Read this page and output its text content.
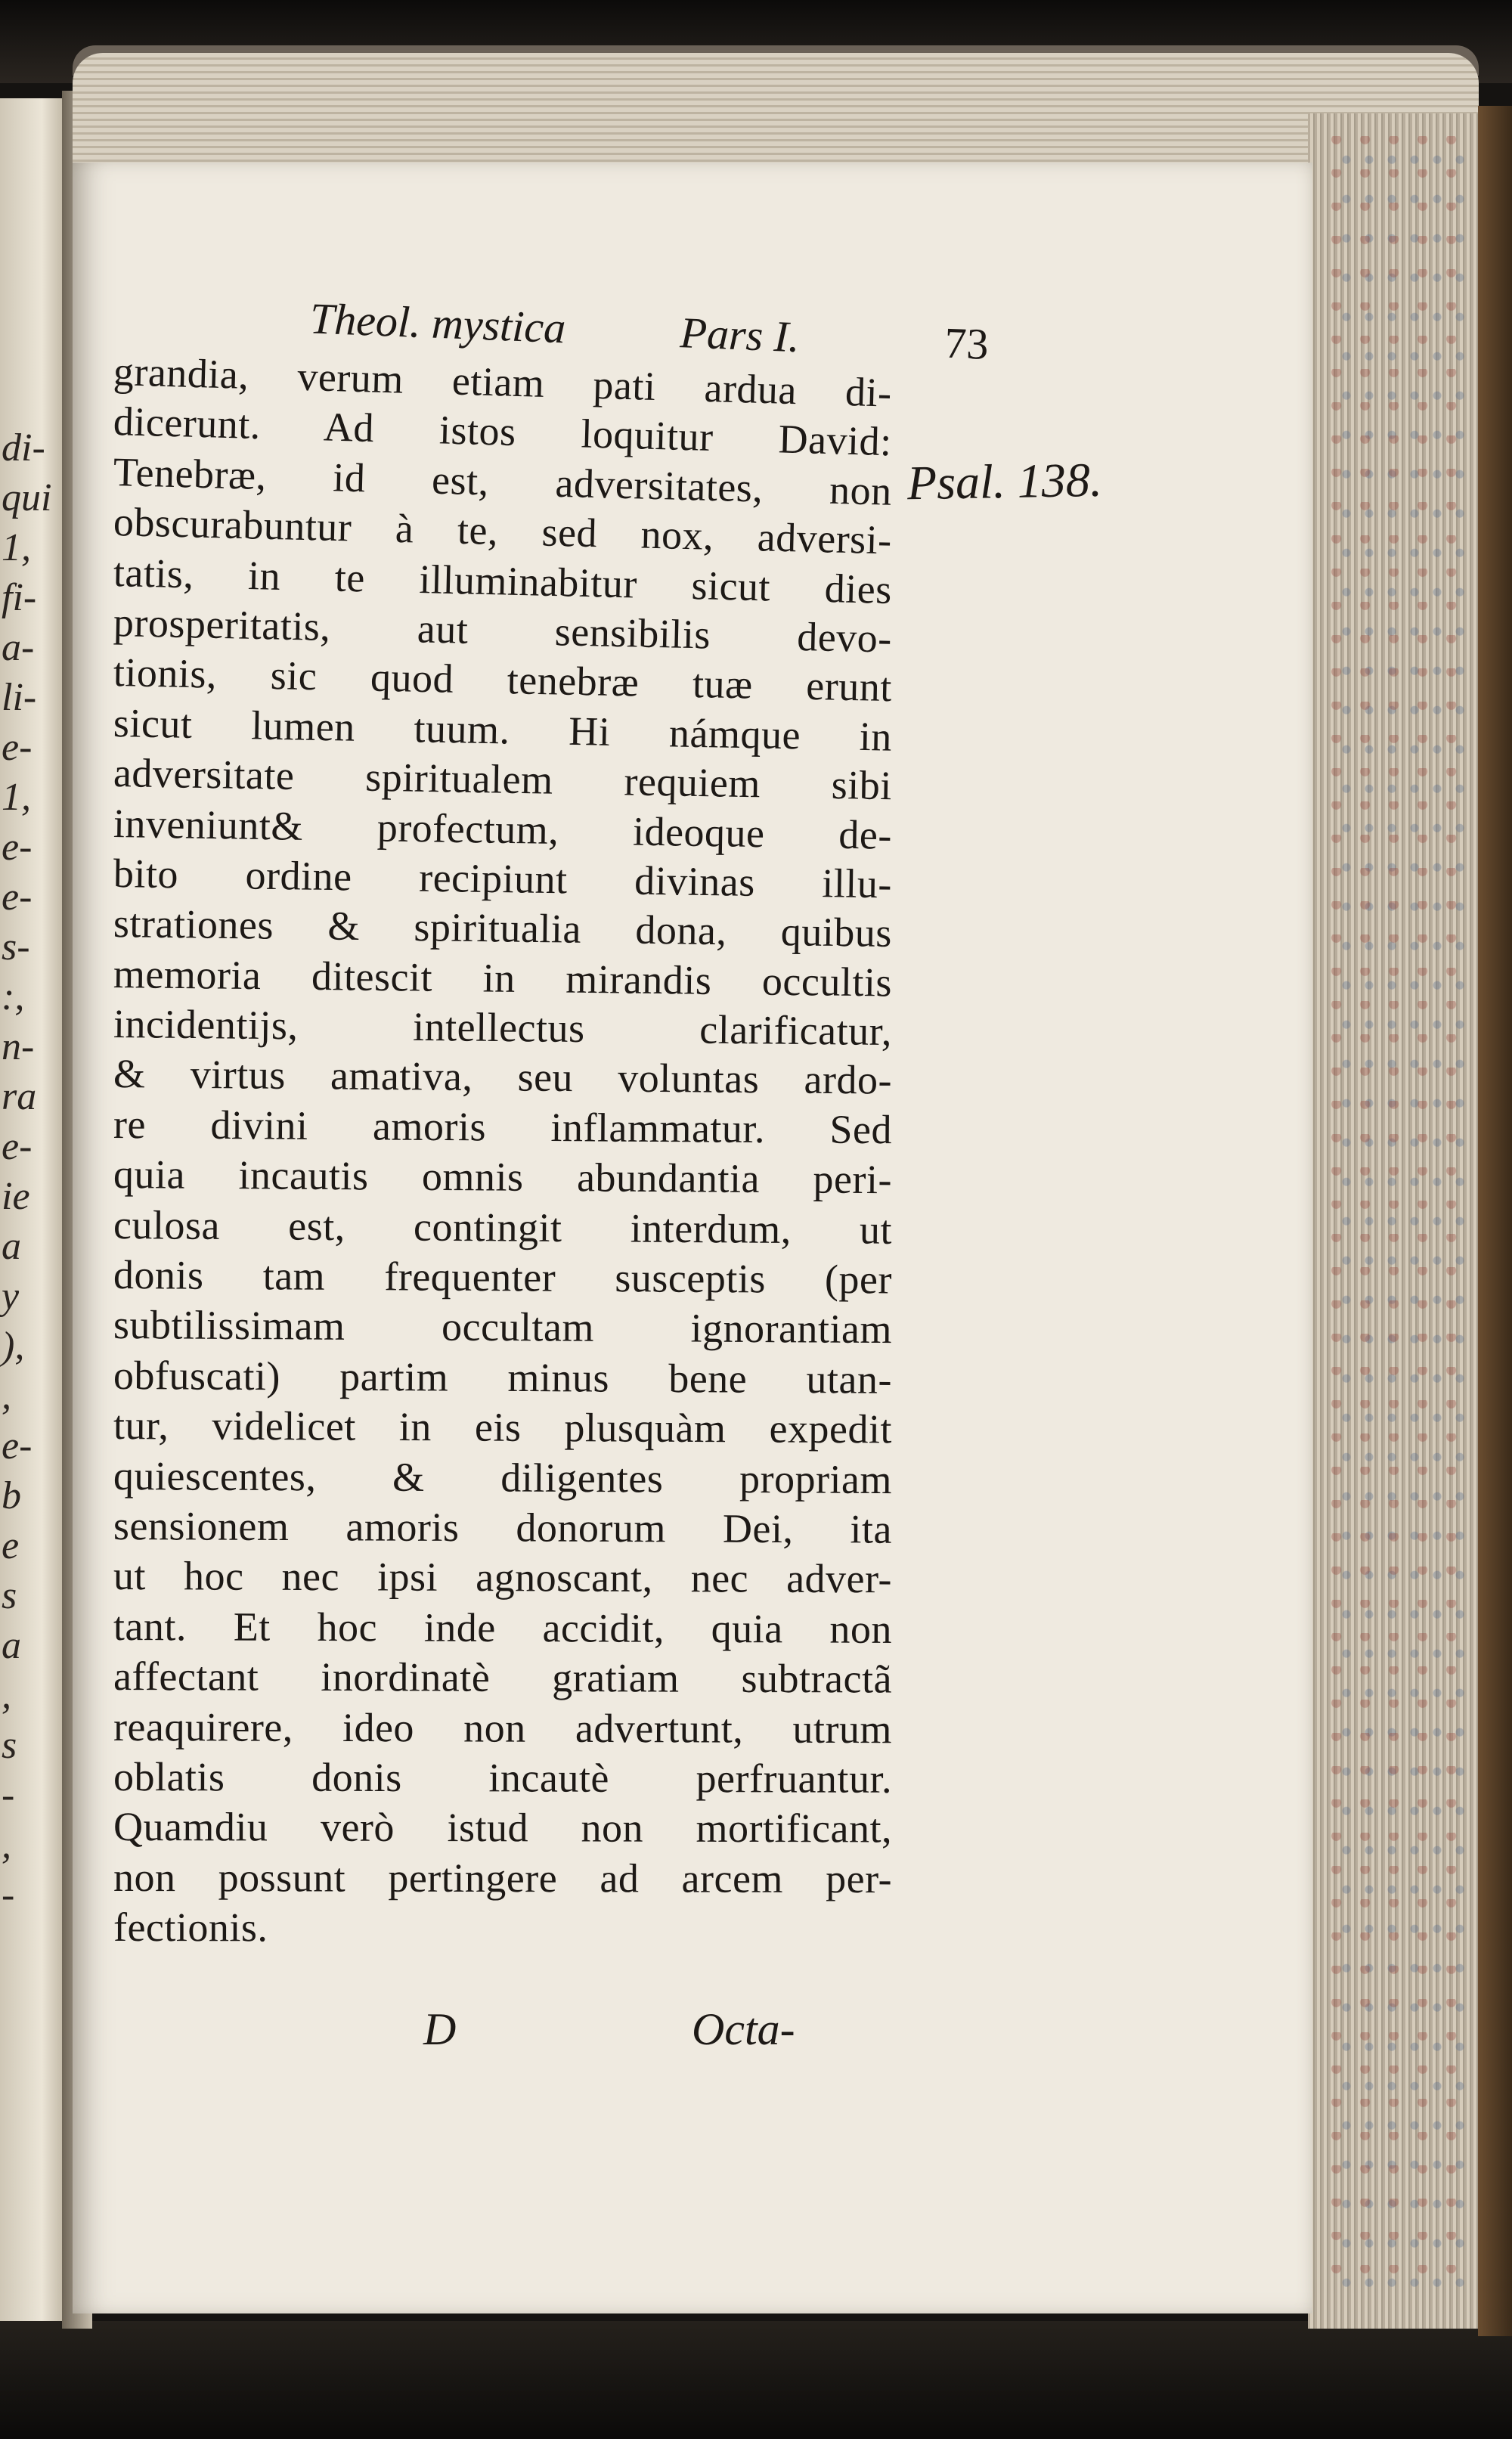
di-
qui
1,
fi-
a-
li-
e-
1,
e-
e-
s-
:,
n-
ra
e-
ie
a
y
),
,
e-
b
e
s
a
,
s
-
,
-
Theol. mystica	Pars I.	73
grandia, verum etiam pati ardua di-
dicerunt. Ad istos loquitur David:
Tenebræ, id est, adversitates, non
obscurabuntur à te, sed nox, adversi-
tatis, in te illuminabitur sicut dies
prosperitatis, aut sensibilis devo-
tionis, sic quod tenebræ tuæ erunt
sicut lumen tuum. Hi námque in
adversitate spiritualem requiem sibi
inveniunt& profectum, ideoque de-
bito ordine recipiunt divinas illu-
strationes & spiritualia dona, quibus
memoria ditescit in mirandis occultis
incidentijs, intellectus clarificatur,
& virtus amativa, seu voluntas ardo-
re divini amoris inflammatur. Sed
quia incautis omnis abundantia peri-
culosa est, contingit interdum, ut
donis tam frequenter susceptis (per
subtilissimam occultam ignorantiam
obfuscati) partim minus bene utan-
tur, videlicet in eis plusquàm expedit
quiescentes, & diligentes propriam
sensionem amoris donorum Dei, ita
ut hoc nec ipsi agnoscant, nec adver-
tant. Et hoc inde accidit, quia non
affectant inordinatè gratiam subtractã
reaquirere, ideo non advertunt, utrum
oblatis donis incautè perfruantur.
Quamdiu verò istud non mortificant,
non possunt pertingere ad arcem per-
fectionis.
Psal. 138.
D	Octa-
